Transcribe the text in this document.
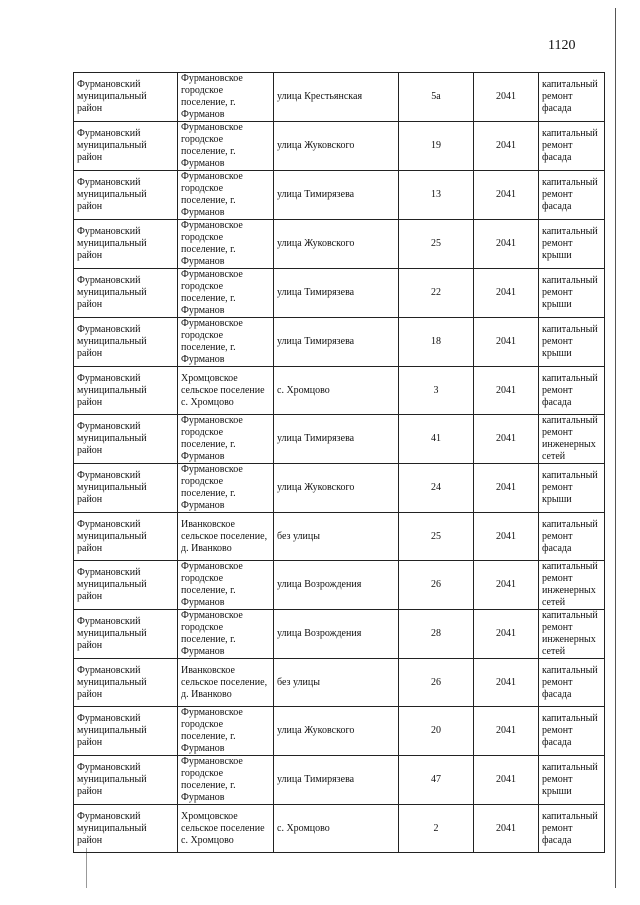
1120
Фурмановский муниципальный район	Фурмановское городское поселение, г. Фурманов	улица Крестьянская	5а	2041	капитальный ремонт фасада
Фурмановский муниципальный район	Фурмановское городское поселение, г. Фурманов	улица Жуковского	19	2041	капитальный ремонт фасада
Фурмановский муниципальный район	Фурмановское городское поселение, г. Фурманов	улица Тимирязева	13	2041	капитальный ремонт фасада
Фурмановский муниципальный район	Фурмановское городское поселение, г. Фурманов	улица Жуковского	25	2041	капитальный ремонт крыши
Фурмановский муниципальный район	Фурмановское городское поселение, г. Фурманов	улица Тимирязева	22	2041	капитальный ремонт крыши
Фурмановский муниципальный район	Фурмановское городское поселение, г. Фурманов	улица Тимирязева	18	2041	капитальный ремонт крыши
Фурмановский муниципальный район	Хромцовское сельское поселение с. Хромцово	с. Хромцово	3	2041	капитальный ремонт фасада
Фурмановский муниципальный район	Фурмановское городское поселение, г. Фурманов	улица Тимирязева	41	2041	капитальный ремонт инженерных сетей
Фурмановский муниципальный район	Фурмановское городское поселение, г. Фурманов	улица Жуковского	24	2041	капитальный ремонт крыши
Фурмановский муниципальный район	Иванковское сельское поселение, д. Иванково	без улицы	25	2041	капитальный ремонт фасада
Фурмановский муниципальный район	Фурмановское городское поселение, г. Фурманов	улица Возрождения	26	2041	капитальный ремонт инженерных сетей
Фурмановский муниципальный район	Фурмановское городское поселение, г. Фурманов	улица Возрождения	28	2041	капитальный ремонт инженерных сетей
Фурмановский муниципальный район	Иванковское сельское поселение, д. Иванково	без улицы	26	2041	капитальный ремонт фасада
Фурмановский муниципальный район	Фурмановское городское поселение, г. Фурманов	улица Жуковского	20	2041	капитальный ремонт фасада
Фурмановский муниципальный район	Фурмановское городское поселение, г. Фурманов	улица Тимирязева	47	2041	капитальный ремонт крыши
Фурмановский муниципальный район	Хромцовское сельское поселение с. Хромцово	с. Хромцово	2	2041	капитальный ремонт фасада
